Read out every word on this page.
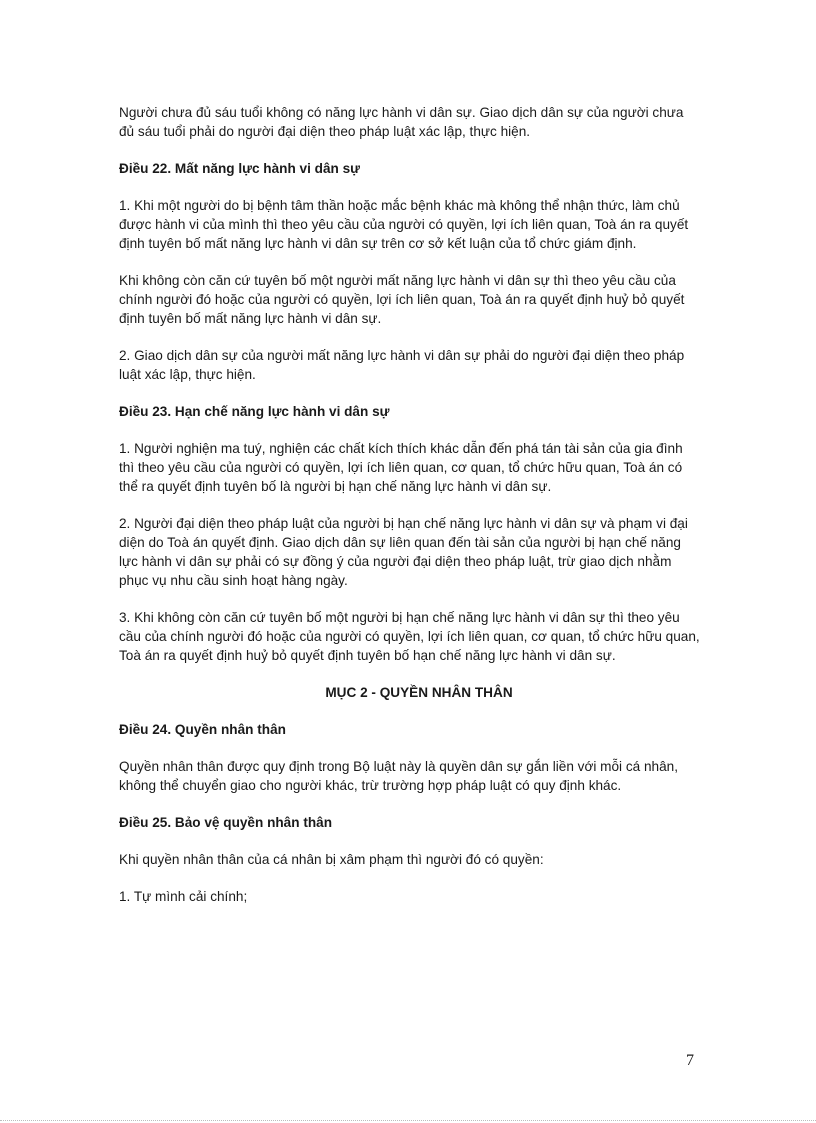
Người chưa đủ sáu tuổi không có năng lực hành vi dân sự. Giao dịch dân sự của người chưa đủ sáu tuổi phải do người đại diện theo pháp luật xác lập, thực hiện.

Điều 22. Mất năng lực hành vi dân sự

1. Khi một người do bị bệnh tâm thần hoặc mắc bệnh khác mà không thể nhận thức, làm chủ được hành vi của mình thì theo yêu cầu của người có quyền, lợi ích liên quan, Toà án ra quyết định tuyên bố mất năng lực hành vi dân sự trên cơ sở kết luận của tổ chức giám định.

Khi không còn căn cứ tuyên bố một người mất năng lực hành vi dân sự thì theo yêu cầu của chính người đó hoặc của người có quyền, lợi ích liên quan, Toà án ra quyết định huỷ bỏ quyết định tuyên bố mất năng lực hành vi dân sự.

2. Giao dịch dân sự của người mất năng lực hành vi dân sự phải do người đại diện theo pháp luật xác lập, thực hiện.

Điều 23. Hạn chế năng lực hành vi dân sự

1. Người nghiện ma tuý, nghiện các chất kích thích khác dẫn đến phá tán tài sản của gia đình thì theo yêu cầu của người có quyền, lợi ích liên quan, cơ quan, tổ chức hữu quan, Toà án có thể ra quyết định tuyên bố là người bị hạn chế năng lực hành vi dân sự.

2. Người đại diện theo pháp luật của người bị hạn chế năng lực hành vi dân sự và phạm vi đại diện do Toà án quyết định. Giao dịch dân sự liên quan đến tài sản của người bị hạn chế năng lực hành vi dân sự phải có sự đồng ý của người đại diện theo pháp luật, trừ giao dịch nhằm phục vụ nhu cầu sinh hoạt hàng ngày.

3. Khi không còn căn cứ tuyên bố một người bị hạn chế năng lực hành vi dân sự thì theo yêu cầu của chính người đó hoặc của người có quyền, lợi ích liên quan, cơ quan, tổ chức hữu quan, Toà án ra quyết định huỷ bỏ quyết định tuyên bố hạn chế năng lực hành vi dân sự.

MỤC 2 - QUYỀN NHÂN THÂN

Điều 24. Quyền nhân thân

Quyền nhân thân được quy định trong Bộ luật này là quyền dân sự gắn liền với mỗi cá nhân, không thể chuyển giao cho người khác, trừ trường hợp pháp luật có quy định khác.

Điều 25. Bảo vệ quyền nhân thân

Khi quyền nhân thân của cá nhân bị xâm phạm thì người đó có quyền:

1. Tự mình cải chính;

7
